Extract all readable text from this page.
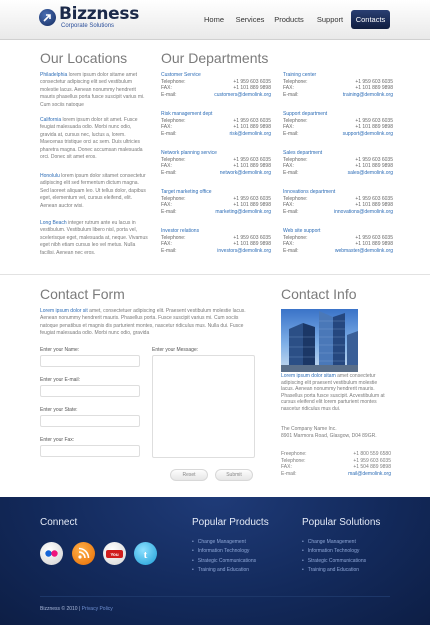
Bizzness
Corporate Solutions
Home	Services	Products	Support	Contacts
Our Locations
Philadelphia lorem ipsum dolor sitame amet consectetur adipiscing elit sed vestibulum molestie lacus. Aenean nonummy hendrerit mauris phasellus porta fusce suscipit varius mi. Cum sociis natoque
California lorem ipsum dolor sit amet. Fusce feugiat malesuada odio. Morbi nunc odio, gravida at, cursus nec, luctus a, lorem. Maecenas tristique orci ac sem. Duis ultricies pharetra magna. Donec accumsan malesuada orci. Donec sit amet eros.
Honolulu lorem ipsum dolor sitamet consectetur adipiscing elit sed fermentum dictum magna. Sed laoreet aliquam leo. Ut tellus dolor, dapibus eget, elementum vel, cursus eleifend, elit. Aenean auctor wisi.
Long Beach integer rutrum ante eu lacus in vestibulum. Vestibulum libero nisl, porta vel, scelerisque eget, malesuada at, neque. Vivamus eget nibh etiam cursus leo vel metus. Nulla facilisi. Aenean nec eros.
Our Departments
Customer Service
Telephone:	+1 959 603 6035
FAX:	+1 101 889 9898
E-mail:	customers@demolink.org
Risk management dept
Telephone:	+1 959 603 6035
FAX:	+1 101 889 9898
E-mail:	risk@demolink.org
Network planning service
Telephone:	+1 959 603 6035
FAX:	+1 101 889 9898
E-mail:	network@demolink.org
Target marketing office
Telephone:	+1 959 603 6035
FAX:	+1 101 889 9898
E-mail:	marketing@demolink.org
Investor relations
Telephone:	+1 959 603 6035
FAX:	+1 101 889 9898
E-mail:	investors@demolink.org
Training center
Telephone:	+1 959 603 6035
FAX:	+1 101 889 9898
E-mail:	training@demolink.org
Support department
Telephone:	+1 959 603 6035
FAX:	+1 101 889 9898
E-mail:	support@demolink.org
Sales department
Telephone:	+1 959 603 6035
FAX:	+1 101 889 9898
E-mail:	sales@demolink.org
Innovations department
Telephone:	+1 959 603 6035
FAX:	+1 101 889 9898
E-mail:	innovations@demolink.org
Web site support
Telephone:	+1 959 603 6035
FAX:	+1 101 889 9898
E-mail:	webmaster@demolink.org
Contact Form
Lorem ipsum dolor sit amet, consectetuer adipiscing elit. Praesent vestibulum molestie lacus. Aenean nonummy hendrerit mauris. Phasellus porta. Fusce suscipit varius mi. Cum sociis natoque penatibus et magnis dis parturient montes, nascetur ridiculus mus. Nulla dui. Fusce feugiat malesuada odio. Morbi nunc odio, gravida
Enter your Name:
Enter your E-mail:
Enter your State:
Enter your Fax:
Enter your Message:
Reset	Submit
Contact Info
Lorem ipsum dolor sitam amet consectetur adipiscing elit praesent vestibulum molestie lacus. Aenean nonummy hendrerit mauris. Phasellus porta fusce suscipit. Acvestibulum at cursus eleifend elit lorem parturient montes nascetur ridiculus mus dui.
The Company Name Inc.
8901 Marmora Road, Glasgow, D04 89GR.
Freephone:	+1 800 559 6580
Telephone:	+1 959 603 6035
FAX:	+1 504 889 9898
E-mail:	mail@demolink.org
Connect
You t
Popular Products
• Change Management
• Information Technology
• Strategic Communications
• Training and Education
Popular Solutions
• Change Management
• Information Technology
• Strategic Communications
• Training and Education
Bizzness © 2010 | Privacy Policy
